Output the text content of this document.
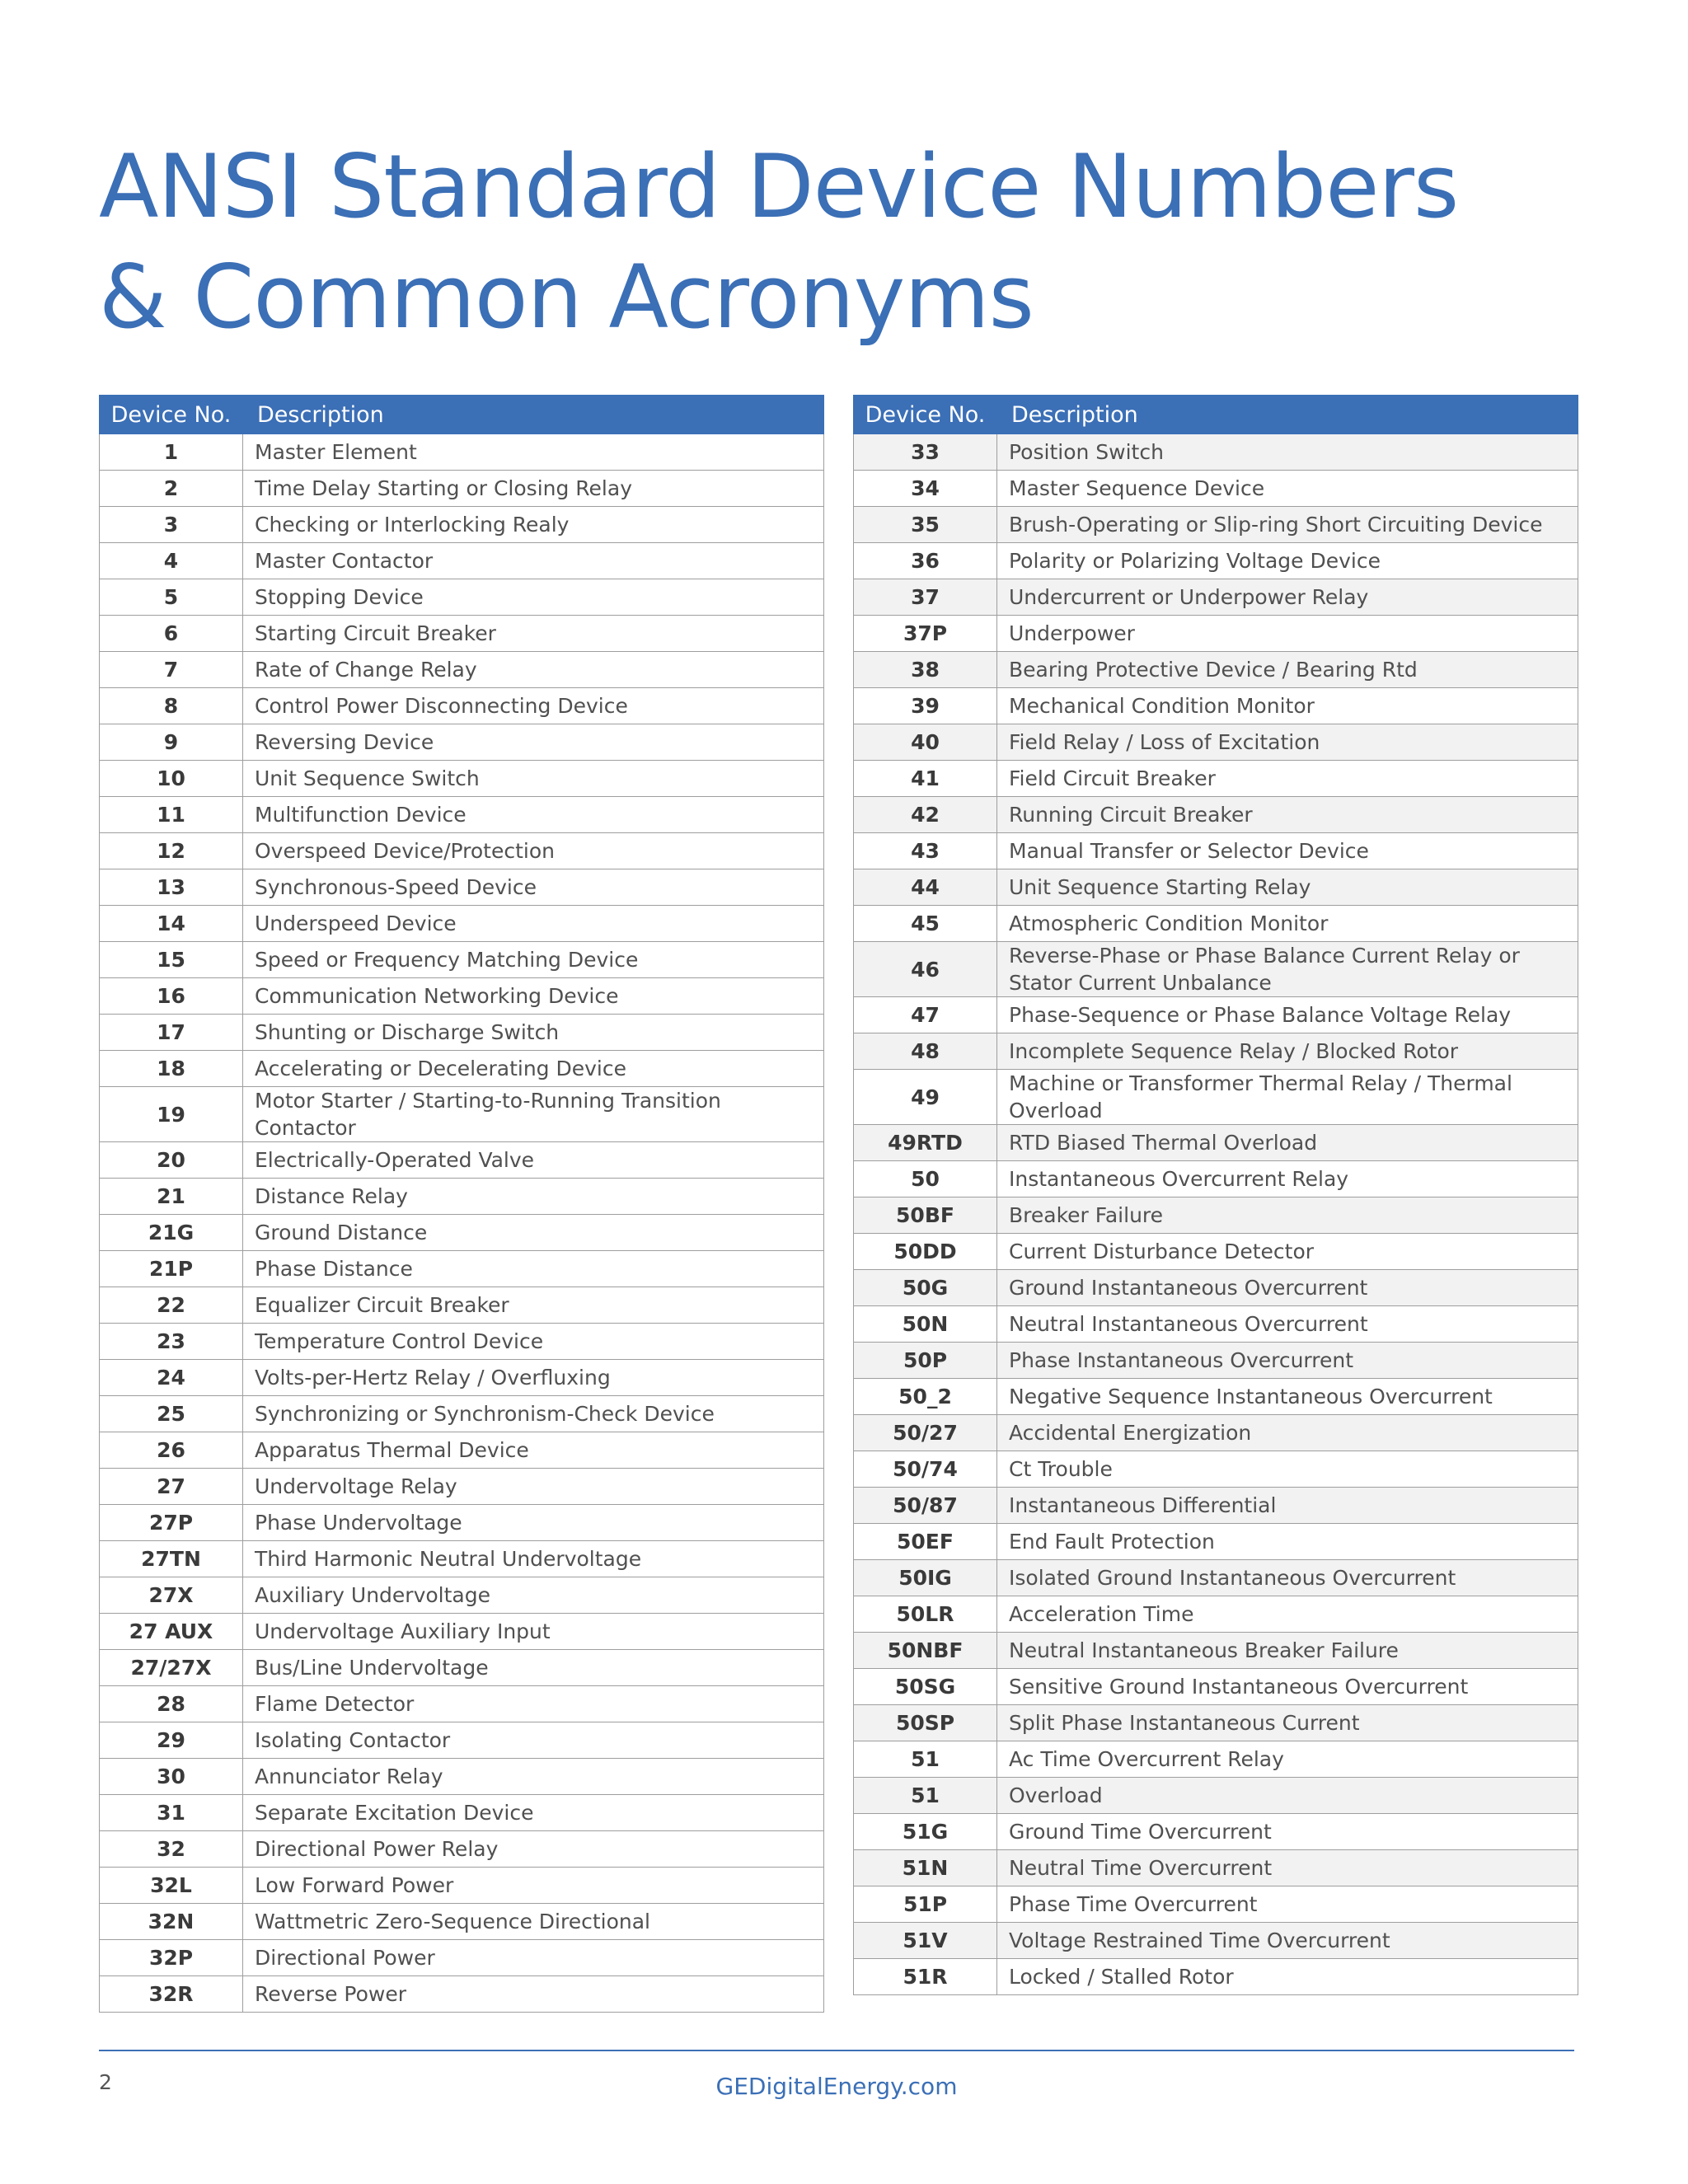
ANSI Standard Device Numbers
& Common Acronyms
Device No.	Description
1	Master Element
2	Time Delay Starting or Closing Relay
3	Checking or Interlocking Realy
4	Master Contactor
5	Stopping Device
6	Starting Circuit Breaker
7	Rate of Change Relay
8	Control Power Disconnecting Device
9	Reversing Device
10	Unit Sequence Switch
11	Multifunction Device
12	Overspeed Device/Protection
13	Synchronous-Speed Device
14	Underspeed Device
15	Speed or Frequency Matching Device
16	Communication Networking Device
17	Shunting or Discharge Switch
18	Accelerating or Decelerating Device
19	Motor Starter / Starting-to-Running Transition Contactor
20	Electrically-Operated Valve
21	Distance Relay
21G	Ground Distance
21P	Phase Distance
22	Equalizer Circuit Breaker
23	Temperature Control Device
24	Volts-per-Hertz Relay / Overfluxing
25	Synchronizing or Synchronism-Check Device
26	Apparatus Thermal Device
27	Undervoltage Relay
27P	Phase Undervoltage
27TN	Third Harmonic Neutral Undervoltage
27X	Auxiliary Undervoltage
27 AUX	Undervoltage Auxiliary Input
27/27X	Bus/Line Undervoltage
28	Flame Detector
29	Isolating Contactor
30	Annunciator Relay
31	Separate Excitation Device
32	Directional Power Relay
32L	Low Forward Power
32N	Wattmetric Zero-Sequence Directional
32P	Directional Power
32R	Reverse Power
Device No.	Description
33	Position Switch
34	Master Sequence Device
35	Brush-Operating or Slip-ring Short Circuiting Device
36	Polarity or Polarizing Voltage Device
37	Undercurrent or Underpower Relay
37P	Underpower
38	Bearing Protective Device / Bearing Rtd
39	Mechanical Condition Monitor
40	Field Relay / Loss of Excitation
41	Field Circuit Breaker
42	Running Circuit Breaker
43	Manual Transfer or Selector Device
44	Unit Sequence Starting Relay
45	Atmospheric Condition Monitor
46	Reverse-Phase or Phase Balance Current Relay or Stator Current Unbalance
47	Phase-Sequence or Phase Balance Voltage Relay
48	Incomplete Sequence Relay / Blocked Rotor
49	Machine or Transformer Thermal Relay / Thermal Overload
49RTD	RTD Biased Thermal Overload
50	Instantaneous Overcurrent Relay
50BF	Breaker Failure
50DD	Current Disturbance Detector
50G	Ground Instantaneous Overcurrent
50N	Neutral Instantaneous Overcurrent
50P	Phase Instantaneous Overcurrent
50_2	Negative Sequence Instantaneous Overcurrent
50/27	Accidental Energization
50/74	Ct Trouble
50/87	Instantaneous Differential
50EF	End Fault Protection
50IG	Isolated Ground Instantaneous Overcurrent
50LR	Acceleration Time
50NBF	Neutral Instantaneous Breaker Failure
50SG	Sensitive Ground Instantaneous Overcurrent
50SP	Split Phase Instantaneous Current
51	Ac Time Overcurrent Relay
51	Overload
51G	Ground Time Overcurrent
51N	Neutral Time Overcurrent
51P	Phase Time Overcurrent
51V	Voltage Restrained Time Overcurrent
51R	Locked / Stalled Rotor
2	GEDigitalEnergy.com
